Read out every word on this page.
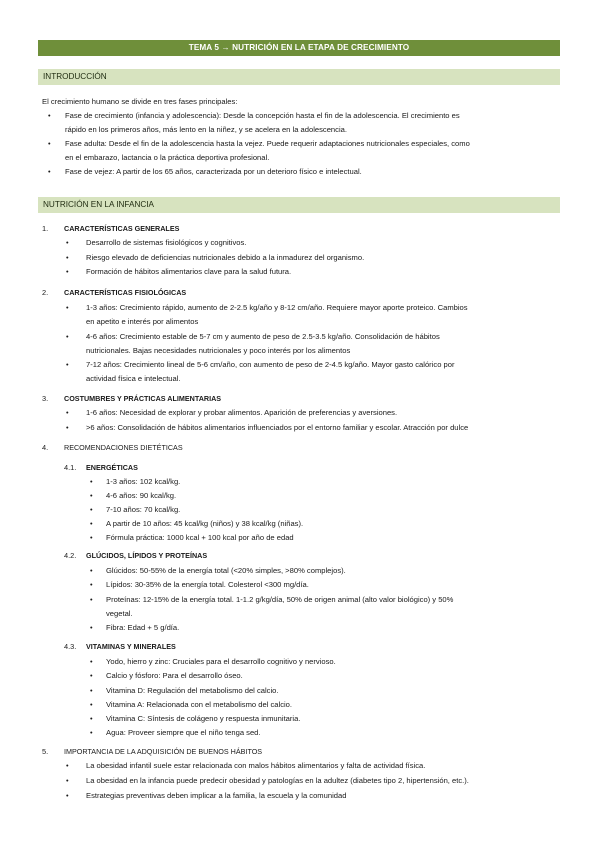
TEMA 5 → NUTRICIÓN EN LA ETAPA DE CRECIMIENTO
INTRODUCCIÓN
El crecimiento humano se divide en tres fases principales:
• Fase de crecimiento (infancia y adolescencia): Desde la concepción hasta el fin de la adolescencia. El crecimiento es
rápido en los primeros años, más lento en la niñez, y se acelera en la adolescencia.
• Fase adulta: Desde el fin de la adolescencia hasta la vejez. Puede requerir adaptaciones nutricionales especiales, como
en el embarazo, lactancia o la práctica deportiva profesional.
• Fase de vejez: A partir de los 65 años, caracterizada por un deterioro físico e intelectual.
NUTRICIÓN EN LA INFANCIA
1. CARACTERÍSTICAS GENERALES
• Desarrollo de sistemas fisiológicos y cognitivos.
• Riesgo elevado de deficiencias nutricionales debido a la inmadurez del organismo.
• Formación de hábitos alimentarios clave para la salud futura.
2. CARACTERÍSTICAS FISIOLÓGICAS
• 1-3 años: Crecimiento rápido, aumento de 2-2.5 kg/año y 8-12 cm/año. Requiere mayor aporte proteico. Cambios
en apetito e interés por alimentos
• 4-6 años: Crecimiento estable de 5-7 cm y aumento de peso de 2.5-3.5 kg/año. Consolidación de hábitos
nutricionales. Bajas necesidades nutricionales y poco interés por los alimentos
• 7-12 años: Crecimiento lineal de 5-6 cm/año, con aumento de peso de 2-4.5 kg/año. Mayor gasto calórico por
actividad física e intelectual.
3. COSTUMBRES Y PRÁCTICAS ALIMENTARIAS
• 1-6 años: Necesidad de explorar y probar alimentos. Aparición de preferencias y aversiones.
• >6 años: Consolidación de hábitos alimentarios influenciados por el entorno familiar y escolar. Atracción por dulce
4. RECOMENDACIONES DIETÉTICAS
4.1. ENERGÉTICAS
• 1-3 años: 102 kcal/kg.
• 4-6 años: 90 kcal/kg.
• 7-10 años: 70 kcal/kg.
• A partir de 10 años: 45 kcal/kg (niños) y 38 kcal/kg (niñas).
• Fórmula práctica: 1000 kcal + 100 kcal por año de edad
4.2. GLÚCIDOS, LÍPIDOS Y PROTEÍNAS
• Glúcidos: 50-55% de la energía total (<20% simples, >80% complejos).
• Lípidos: 30-35% de la energía total. Colesterol <300 mg/día.
• Proteínas: 12-15% de la energía total. 1-1.2 g/kg/día, 50% de origen animal (alto valor biológico) y 50%
vegetal.
• Fibra: Edad + 5 g/día.
4.3. VITAMINAS Y MINERALES
• Yodo, hierro y zinc: Cruciales para el desarrollo cognitivo y nervioso.
• Calcio y fósforo: Para el desarrollo óseo.
• Vitamina D: Regulación del metabolismo del calcio.
• Vitamina A: Relacionada con el metabolismo del calcio.
• Vitamina C: Síntesis de colágeno y respuesta inmunitaria.
• Agua: Proveer siempre que el niño tenga sed.
5. IMPORTANCIA DE LA ADQUISICIÓN DE BUENOS HÁBITOS
• La obesidad infantil suele estar relacionada con malos hábitos alimentarios y falta de actividad física.
• La obesidad en la infancia puede predecir obesidad y patologías en la adultez (diabetes tipo 2, hipertensión, etc.).
• Estrategias preventivas deben implicar a la familia, la escuela y la comunidad
